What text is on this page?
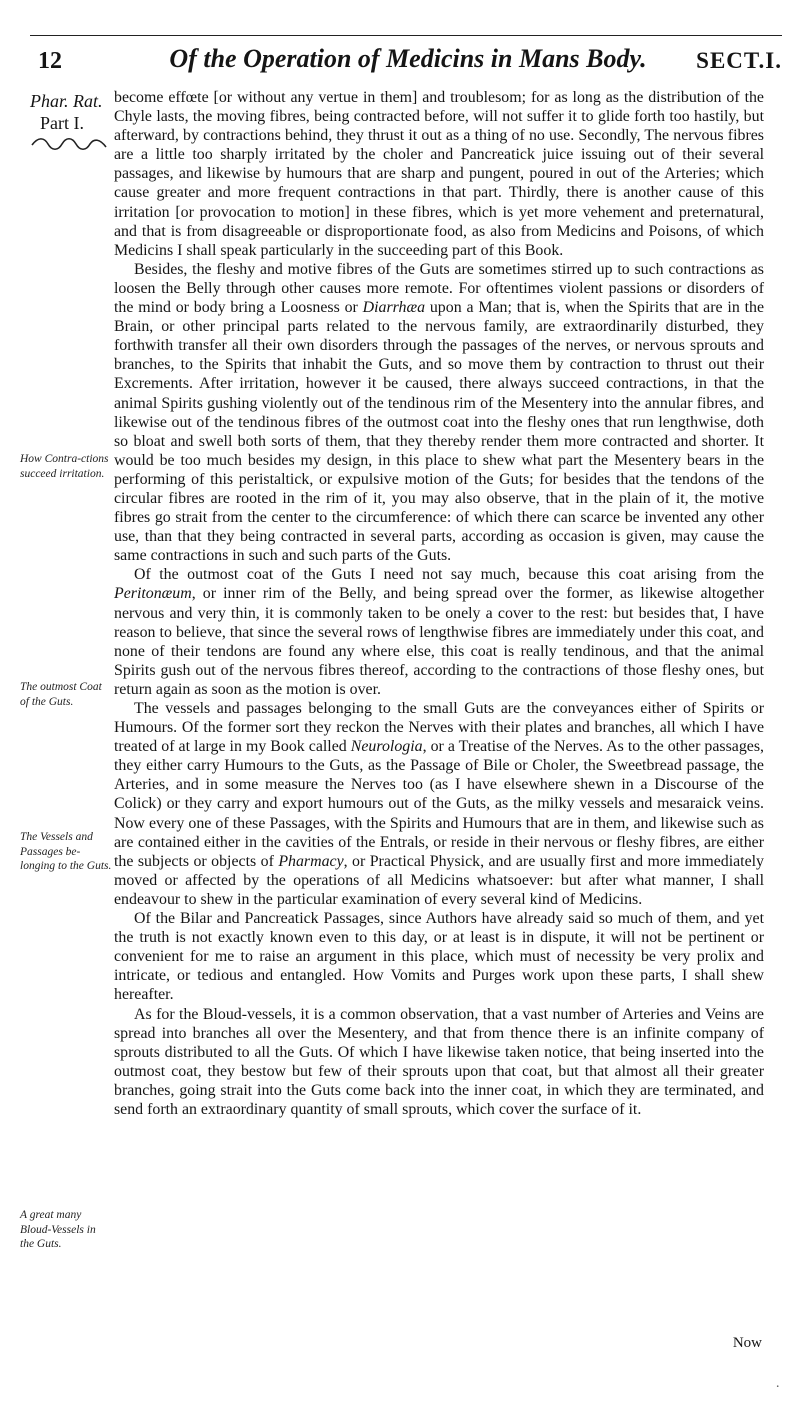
12	Of the Operation of Medicins in Mans Body.	SECT.I.
Phar. Rat.
Part I.
How Contra-ctions succeed irritation.
The outmost Coat of the Guts.
The Vessels and Passages be-longing to the Guts.
A great many Bloud-Vessels in the Guts.

become effœte [or without any vertue in them] and troublesom; for as long as the distribution of the Chyle lasts, the moving fibres, being contracted before, will not suffer it to glide forth too hastily, but afterward, by contractions behind, they thrust it out as a thing of no use. Secondly, The nervous fibres are a little too sharply irritated by the choler and Pancreatick juice issuing out of their several passages, and likewise by humours that are sharp and pungent, poured in out of the Arteries; which cause greater and more frequent contractions in that part. Thirdly, there is another cause of this irritation [or provocation to motion] in these fibres, which is yet more vehement and preternatural, and that is from disagreeable or disproportionate food, as also from Medicins and Poisons, of which Medicins I shall speak particularly in the succeeding part of this Book.

Besides, the fleshy and motive fibres of the Guts are sometimes stirred up to such contractions as loosen the Belly through other causes more remote. For oftentimes violent passions or disorders of the mind or body bring a Loosness or Diarrhæa upon a Man; that is, when the Spirits that are in the Brain, or other principal parts related to the nervous family, are extraordinarily disturbed, they forthwith transfer all their own disorders through the passages of the nerves, or nervous sprouts and branches, to the Spirits that inhabit the Guts, and so move them by contraction to thrust out their Excrements. After irritation, however it be caused, there always succeed contractions, in that the animal Spirits gushing violently out of the tendinous rim of the Mesentery into the annular fibres, and likewise out of the tendinous fibres of the outmost coat into the fleshy ones that run lengthwise, doth so bloat and swell both sorts of them, that they thereby render them more contracted and shorter. It would be too much besides my design, in this place to shew what part the Mesentery bears in the performing of this peristaltick, or expulsive motion of the Guts; for besides that the tendons of the circular fibres are rooted in the rim of it, you may also observe, that in the plain of it, the motive fibres go strait from the center to the circumference: of which there can scarce be invented any other use, than that they being contracted in several parts, according as occasion is given, may cause the same contractions in such and such parts of the Guts.

Of the outmost coat of the Guts I need not say much, because this coat arising from the Peritonæum, or inner rim of the Belly, and being spread over the former, as likewise altogether nervous and very thin, it is commonly taken to be onely a cover to the rest: but besides that, I have reason to believe, that since the several rows of lengthwise fibres are immediately under this coat, and none of their tendons are found any where else, this coat is really tendinous, and that the animal Spirits gush out of the nervous fibres thereof, according to the contractions of those fleshy ones, but return again as soon as the motion is over.

The vessels and passages belonging to the small Guts are the conveyances either of Spirits or Humours. Of the former sort they reckon the Nerves with their plates and branches, all which I have treated of at large in my Book called Neurologia, or a Treatise of the Nerves. As to the other passages, they either carry Humours to the Guts, as the Passage of Bile or Choler, the Sweetbread passage, the Arteries, and in some measure the Nerves too (as I have elsewhere shewn in a Discourse of the Colick) or they carry and export humours out of the Guts, as the milky vessels and mesaraick veins. Now every one of these Passages, with the Spirits and Humours that are in them, and likewise such as are contained either in the cavities of the Entrals, or reside in their nervous or fleshy fibres, are either the subjects or objects of Pharmacy, or Practical Physick, and are usually first and more immediately moved or affected by the operations of all Medicins whatsoever: but after what manner, I shall endeavour to shew in the particular examination of every several kind of Medicins.

Of the Bilar and Pancreatick Passages, since Authors have already said so much of them, and yet the truth is not exactly known even to this day, or at least is in dispute, it will not be pertinent or convenient for me to raise an argument in this place, which must of necessity be very prolix and intricate, or tedious and entangled. How Vomits and Purges work upon these parts, I shall shew hereafter.

As for the Bloud-vessels, it is a common observation, that a vast number of Arteries and Veins are spread into branches all over the Mesentery, and that from thence there is an infinite company of sprouts distributed to all the Guts. Of which I have likewise taken notice, that being inserted into the outmost coat, they bestow but few of their sprouts upon that coat, but that almost all their greater branches, going strait into the Guts come back into the inner coat, in which they are terminated, and send forth an extraordinary quantity of small sprouts, which cover the surface of it.

Now
·
